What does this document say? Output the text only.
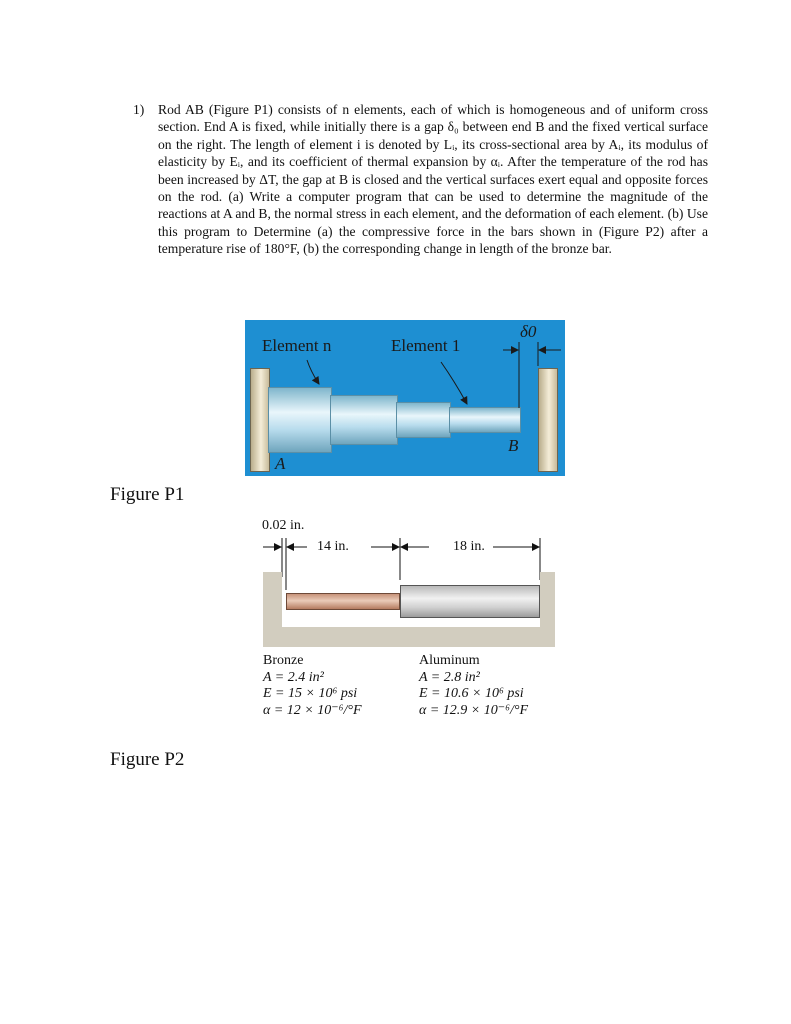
1) Rod AB (Figure P1) consists of n elements, each of which is homogeneous and of uniform cross section. End A is fixed, while initially there is a gap δ₀ between end B and the fixed vertical surface on the right. The length of element i is denoted by Lᵢ, its cross-sectional area by Aᵢ, its modulus of elasticity by Eᵢ, and its coefficient of thermal expansion by αᵢ. After the temperature of the rod has been increased by ΔT, the gap at B is closed and the vertical surfaces exert equal and opposite forces on the rod. (a) Write a computer program that can be used to determine the magnitude of the reactions at A and B, the normal stress in each element, and the deformation of each element. (b) Use this program to Determine (a) the compressive force in the bars shown in (Figure P2) after a temperature rise of 180°F, (b) the corresponding change in length of the bronze bar.
Element n	Element 1
δ0
A
B
Figure P1
0.02 in.
14 in.	18 in.
Bronze
A = 2.4 in²
E = 15 × 10⁶ psi
α = 12 × 10⁻⁶/°F
Aluminum
A = 2.8 in²
E = 10.6 × 10⁶ psi
α = 12.9 × 10⁻⁶/°F
Figure P2
